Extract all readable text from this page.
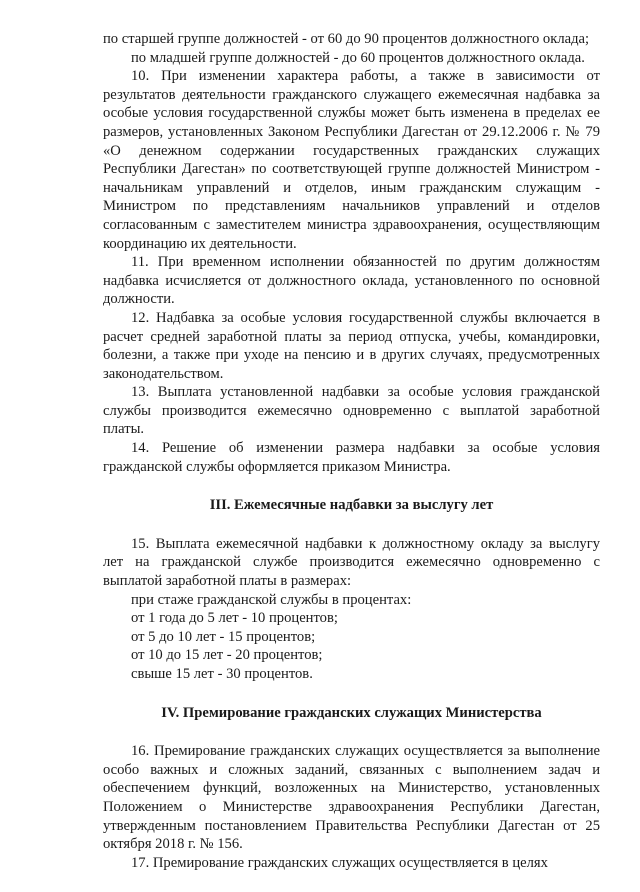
по старшей группе должностей - от 60 до 90 процентов должностного оклада;

по младшей группе должностей - до 60 процентов должностного оклада.

10. При изменении характера работы, а также в зависимости от результатов деятельности гражданского служащего ежемесячная надбавка за особые условия государственной службы может быть изменена в пределах ее размеров, установленных Законом Республики Дагестан от 29.12.2006 г. № 79 «О денежном содержании государственных гражданских служащих Республики Дагестан» по соответствующей группе должностей Министром - начальникам управлений и отделов, иным гражданским служащим - Министром по представлениям начальников управлений и отделов согласованным с заместителем министра здравоохранения, осуществляющим координацию их деятельности.

11. При временном исполнении обязанностей по другим должностям надбавка исчисляется от должностного оклада, установленного по основной должности.

12. Надбавка за особые условия государственной службы включается в расчет средней заработной платы за период отпуска, учебы, командировки, болезни, а также при уходе на пенсию и в других случаях, предусмотренных законодательством.

13. Выплата установленной надбавки за особые условия гражданской службы производится ежемесячно одновременно с выплатой заработной платы.

14. Решение об изменении размера надбавки за особые условия гражданской службы оформляется приказом Министра.

III. Ежемесячные надбавки за выслугу лет

15. Выплата ежемесячной надбавки к должностному окладу за выслугу лет на гражданской службе производится ежемесячно одновременно с выплатой заработной платы в размерах:

при стаже гражданской службы в процентах:

от 1 года до 5 лет - 10 процентов;

от 5 до 10 лет - 15 процентов;

от 10 до 15 лет - 20 процентов;

свыше 15 лет - 30 процентов.

IV. Премирование гражданских служащих Министерства

16. Премирование гражданских служащих осуществляется за выполнение особо важных и сложных заданий, связанных с выполнением задач и обеспечением функций, возложенных на Министерство, установленных Положением о Министерстве здравоохранения Республики Дагестан, утвержденным постановлением Правительства Республики Дагестан от 25 октября 2018 г. № 156.

17. Премирование гражданских служащих осуществляется в целях
